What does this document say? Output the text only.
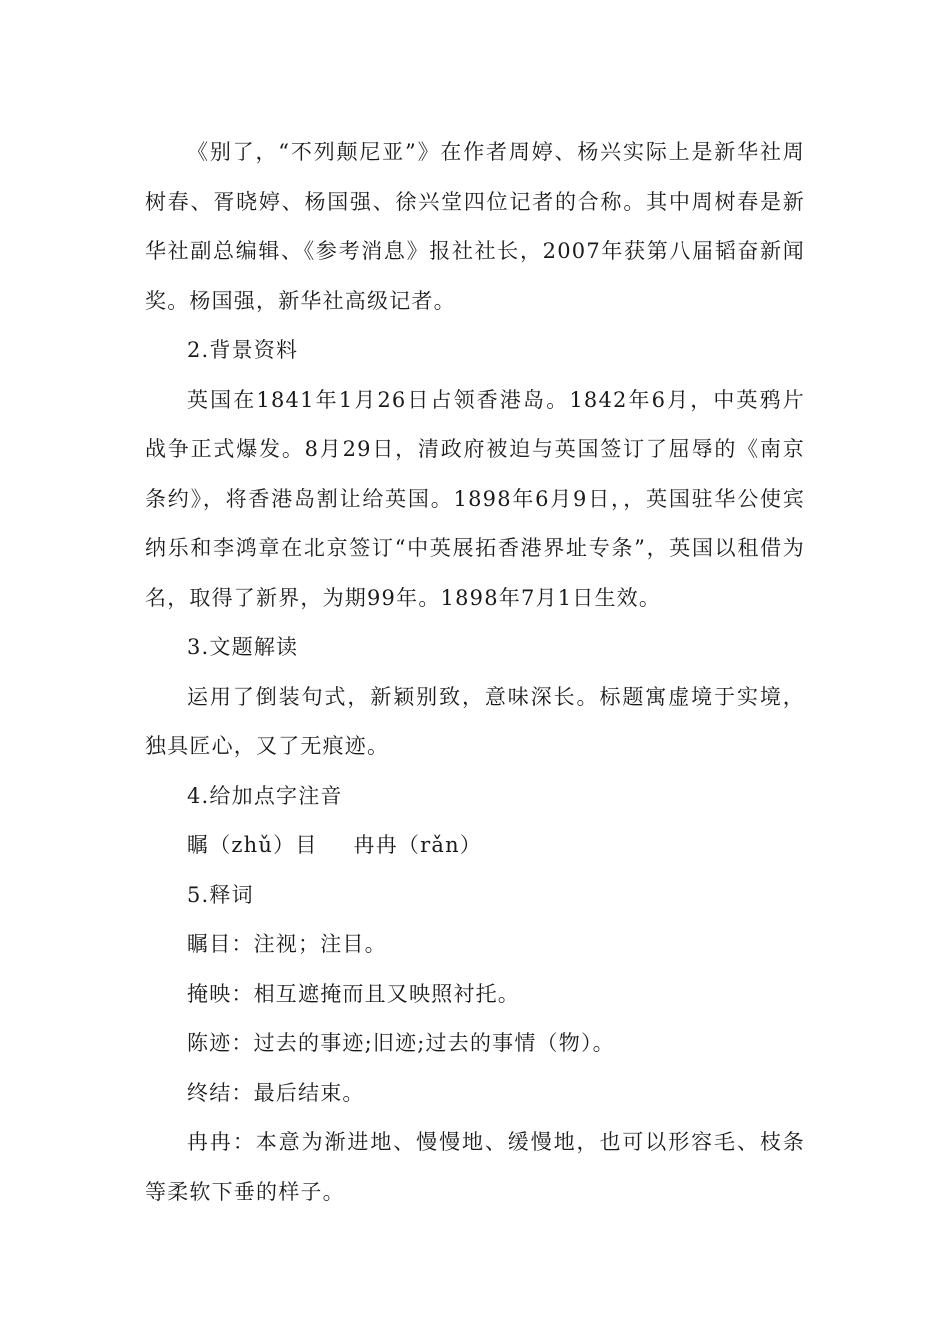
《别了，“不列颠尼亚”》在作者周婷、杨兴实际上是新华社周树春、胥晓婷、杨国强、徐兴堂四位记者的合称。其中周树春是新华社副总编辑、《参考消息》报社社长，2007年获第八届韬奋新闻奖。杨国强，新华社高级记者。

2.背景资料

英国在1841年1月26日占领香港岛。1842年6月，中英鸦片战争正式爆发。8月29日，清政府被迫与英国签订了屈辱的《南京条约》，将香港岛割让给英国。1898年6月9日，，英国驻华公使宾纳乐和李鸿章在北京签订“中英展拓香港界址专条”，英国以租借为名，取得了新界，为期99年。1898年7月1日生效。

3.文题解读

运用了倒装句式，新颖别致，意味深长。标题寓虚境于实境，独具匠心，又了无痕迹。

4.给加点字注音

瞩（zhǔ）目 冉冉（rǎn）

5.释词

瞩目：注视；注目。

掩映：相互遮掩而且又映照衬托。

陈迹：过去的事迹;旧迹;过去的事情（物）。

终结：最后结束。

冉冉：本意为渐进地、慢慢地、缓慢地，也可以形容毛、枝条等柔软下垂的样子。
